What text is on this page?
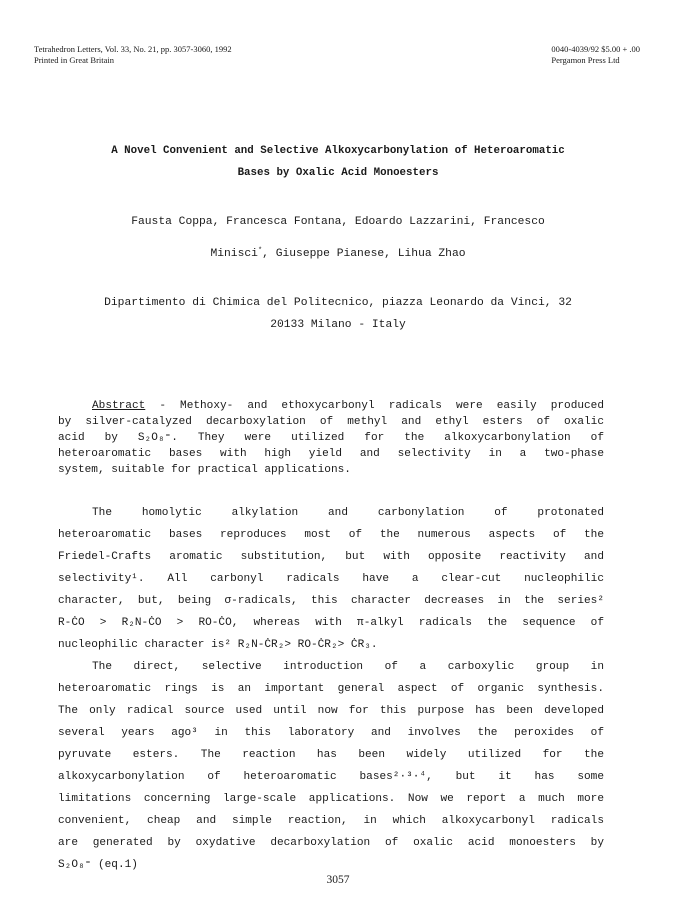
Tetrahedron Letters, Vol. 33, No. 21, pp. 3057-3060, 1992
Printed in Great Britain
0040-4039/92 $5.00 + .00
Pergamon Press Ltd
A Novel Convenient and Selective Alkoxycarbonylation of Heteroaromatic
Bases by Oxalic Acid Monoesters
Fausta Coppa, Francesca Fontana, Edoardo Lazzarini, Francesco
Minisci*, Giuseppe Pianese, Lihua Zhao
Dipartimento di Chimica del Politecnico, piazza Leonardo da Vinci, 32
20133 Milano - Italy
Abstract - Methoxy- and ethoxycarbonyl radicals were easily produced
by silver-catalyzed decarboxylation of methyl and ethyl esters of oxalic
acid by S₂O₈⁼. They were utilized for the alkoxycarbonylation of
heteroaromatic bases with high yield and selectivity in a two-phase
system, suitable for practical applications.
The homolytic alkylation and carbonylation of protonated
heteroaromatic bases reproduces most of the numerous aspects of the
Friedel-Crafts aromatic substitution, but with opposite reactivity and
selectivity¹. All carbonyl radicals have a clear-cut nucleophilic
character, but, being σ-radicals, this character decreases in the series²
R-ĊO > R₂N-ĊO > RO-ĊO, whereas with π-alkyl radicals the sequence of
nucleophilic character is² R₂N-ĊR₂> RO-ĊR₂> ĊR₃.
The direct, selective introduction of a carboxylic group in
heteroaromatic rings is an important general aspect of organic synthesis.
The only radical source used until now for this purpose has been developed
several years ago³ in this laboratory and involves the peroxides of
pyruvate esters. The reaction has been widely utilized for the
alkoxycarbonylation of heteroaromatic bases²·³·⁴, but it has some
limitations concerning large-scale applications. Now we report a much more
convenient, cheap and simple reaction, in which alkoxycarbonyl radicals
are generated by oxydative decarboxylation of oxalic acid monoesters by
S₂O₈⁼ (eq.1)
3057
